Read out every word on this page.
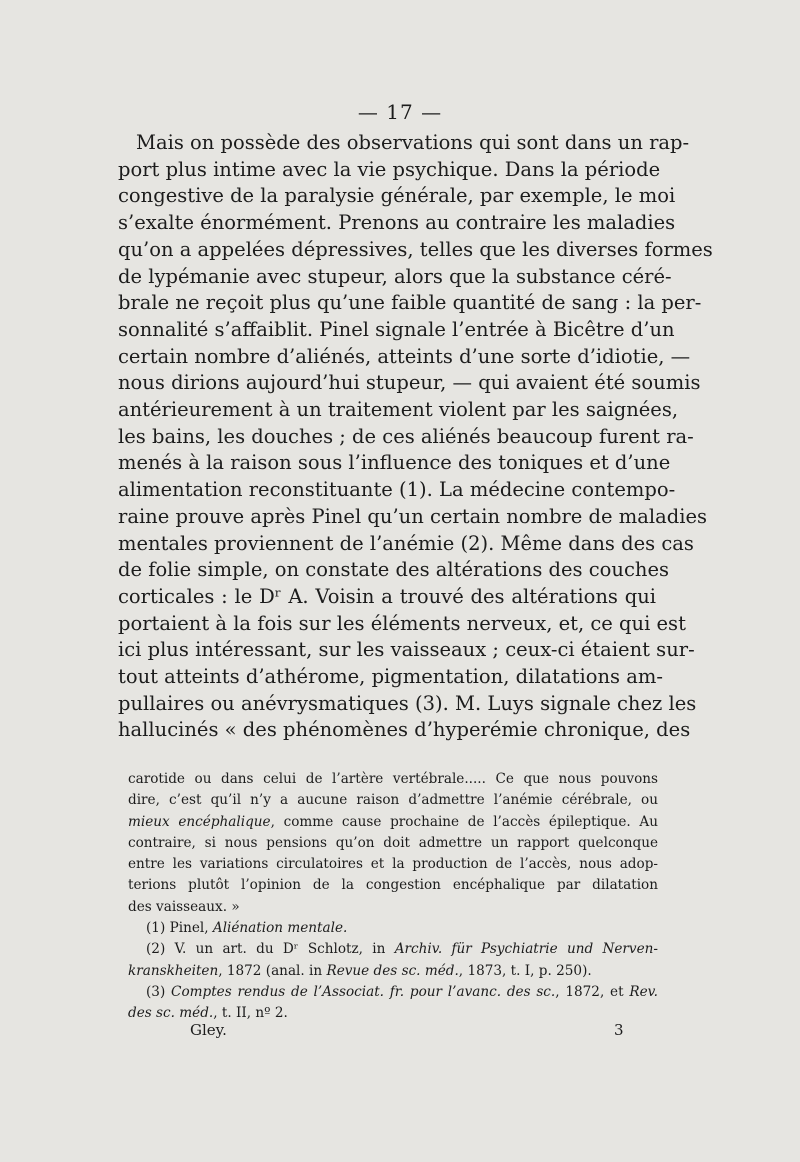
— 17 —
Mais on possède des observations qui sont dans un rap-
port plus intime avec la vie psychique. Dans la période
congestive de la paralysie générale, par exemple, le moi
s’exalte énormément. Prenons au contraire les maladies
qu’on a appelées dépressives, telles que les diverses formes
de lypémanie avec stupeur, alors que la substance céré-
brale ne reçoit plus qu’une faible quantité de sang : la per-
sonnalité s’affaiblit. Pinel signale l’entrée à Bicêtre d’un
certain nombre d’aliénés, atteints d’une sorte d’idiotie, —
nous dirions aujourd’hui stupeur, — qui avaient été soumis
antérieurement à un traitement violent par les saignées,
les bains, les douches ; de ces aliénés beaucoup furent ra-
menés à la raison sous l’influence des toniques et d’une
alimentation reconstituante (1). La médecine contempo-
raine prouve après Pinel qu’un certain nombre de maladies
mentales proviennent de l’anémie (2). Même dans des cas
de folie simple, on constate des altérations des couches
corticales : le Dʳ A. Voisin a trouvé des altérations qui
portaient à la fois sur les éléments nerveux, et, ce qui est
ici plus intéressant, sur les vaisseaux ; ceux-ci étaient sur-
tout atteints d’athérome, pigmentation, dilatations am-
pullaires ou anévrysmatiques (3). M. Luys signale chez les
hallucinés « des phénomènes d’hyperémie chronique, des
carotide ou dans celui de l’artère vertébrale..... Ce que nous pouvons
dire, c’est qu’il n’y a aucune raison d’admettre l’anémie cérébrale, ou
mieux encéphalique, comme cause prochaine de l’accès épileptique. Au
contraire, si nous pensions qu’on doit admettre un rapport quelconque
entre les variations circulatoires et la production de l’accès, nous adop-
terions plutôt l’opinion de la congestion encéphalique par dilatation
des vaisseaux. »
(1) Pinel, Aliénation mentale.
(2) V. un art. du Dʳ Schlotz, in Archiv. für Psychiatrie und Nerven-
kranskheiten, 1872 (anal. in Revue des sc. méd., 1873, t. I, p. 250).
(3) Comptes rendus de l’Associat. fr. pour l’avanc. des sc., 1872, et Rev.
des sc. méd., t. II, nº 2.
Gley.	3
